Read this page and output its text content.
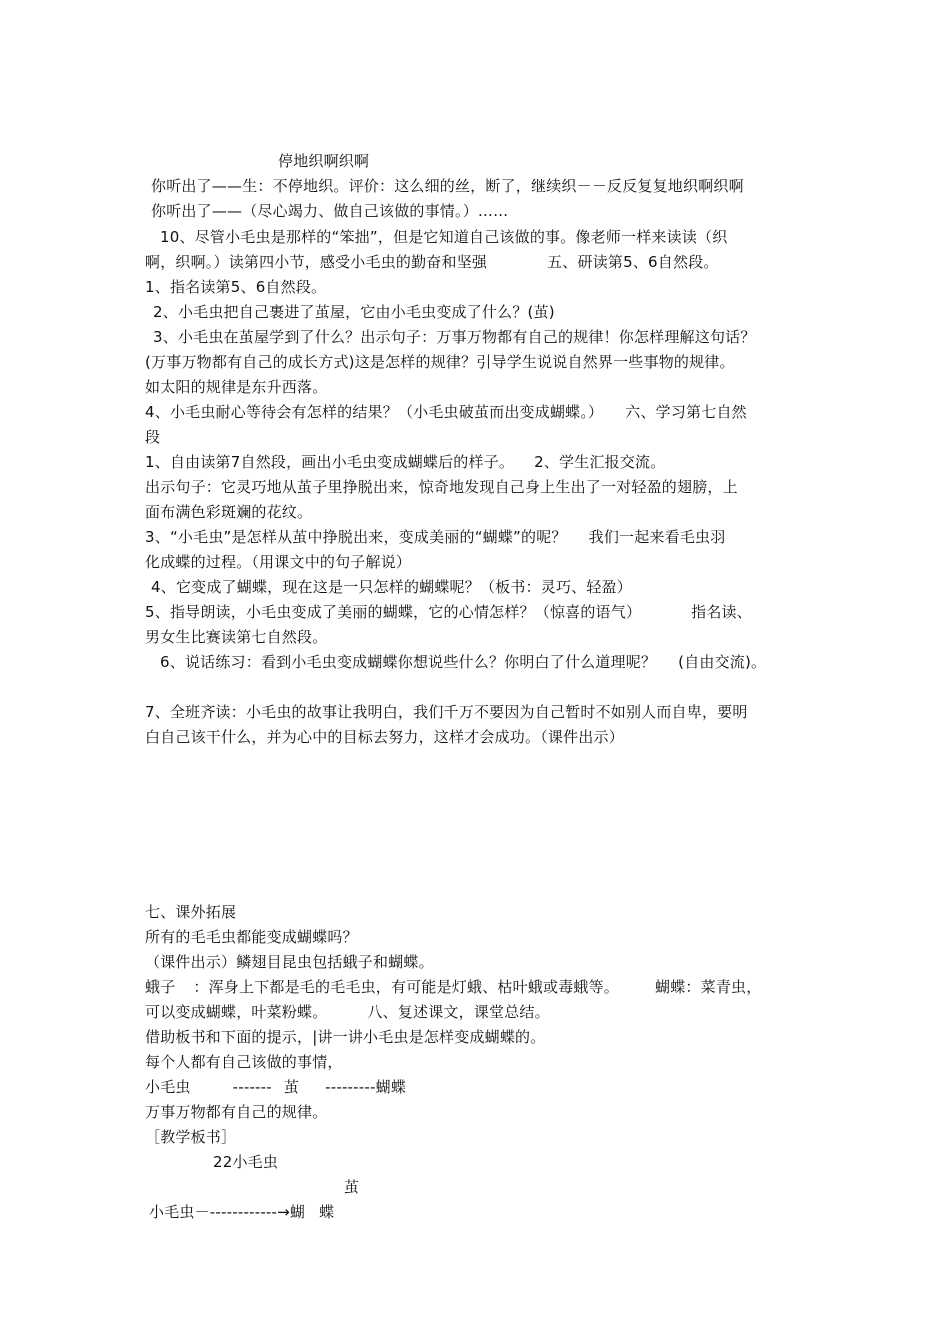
停地织啊织啊
你听出了——生：不停地织。评价：这么细的丝，断了，继续织－－反反复复地织啊织啊
你听出了——（尽心竭力、做自己该做的事情。）……
10、尽管小毛虫是那样的“笨拙”，但是它知道自己该做的事。像老师一样来读读（织
啊，织啊。）读第四小节，感受小毛虫的勤奋和坚强	五、研读第5、6自然段。
1、指名读第5、6自然段。
2、小毛虫把自己裹进了茧屋，它由小毛虫变成了什么？(茧)
3、小毛虫在茧屋学到了什么？出示句子：万事万物都有自己的规律！你怎样理解这句话？
(万事万物都有自己的成长方式)这是怎样的规律？引导学生说说自然界一些事物的规律。
如太阳的规律是东升西落。
4、小毛虫耐心等待会有怎样的结果？（小毛虫破茧而出变成蝴蝶。） 六、学习第七自然
段
1、自由读第7自然段，画出小毛虫变成蝴蝶后的样子。 2、学生汇报交流。
出示句子：它灵巧地从茧子里挣脱出来，惊奇地发现自己身上生出了一对轻盈的翅膀，上
面布满色彩斑斓的花纹。
3、“小毛虫”是怎样从茧中挣脱出来，变成美丽的“蝴蝶”的呢？ 我们一起来看毛虫羽
化成蝶的过程。（用课文中的句子解说）
4、它变成了蝴蝶，现在这是一只怎样的蝴蝶呢？（板书：灵巧、轻盈）
5、指导朗读，小毛虫变成了美丽的蝴蝶，它的心情怎样？（惊喜的语气）	指名读、
男女生比赛读第七自然段。
6、说话练习：看到小毛虫变成蝴蝶你想说些什么？你明白了什么道理呢？ (自由交流)。
7、全班齐读：小毛虫的故事让我明白，我们千万不要因为自己暂时不如别人而自卑，要明
白自己该干什么，并为心中的目标去努力，这样才会成功。（课件出示）
七、课外拓展
所有的毛毛虫都能变成蝴蝶吗？
（课件出示）鳞翅目昆虫包括蛾子和蝴蝶。
蛾子 ：浑身上下都是毛的毛毛虫，有可能是灯蛾、枯叶蛾或毒蛾等。 蝴蝶：菜青虫，
可以变成蝴蝶，叶菜粉蝶。	八、复述课文，课堂总结。
借助板书和下面的提示，|讲一讲小毛虫是怎样变成蝴蝶的。
每个人都有自己该做的事情，
小毛虫	------- 茧 ---------蝴蝶
万事万物都有自己的规律。
［教学板书］
22小毛虫
茧
小毛虫－------------→蝴 蝶
